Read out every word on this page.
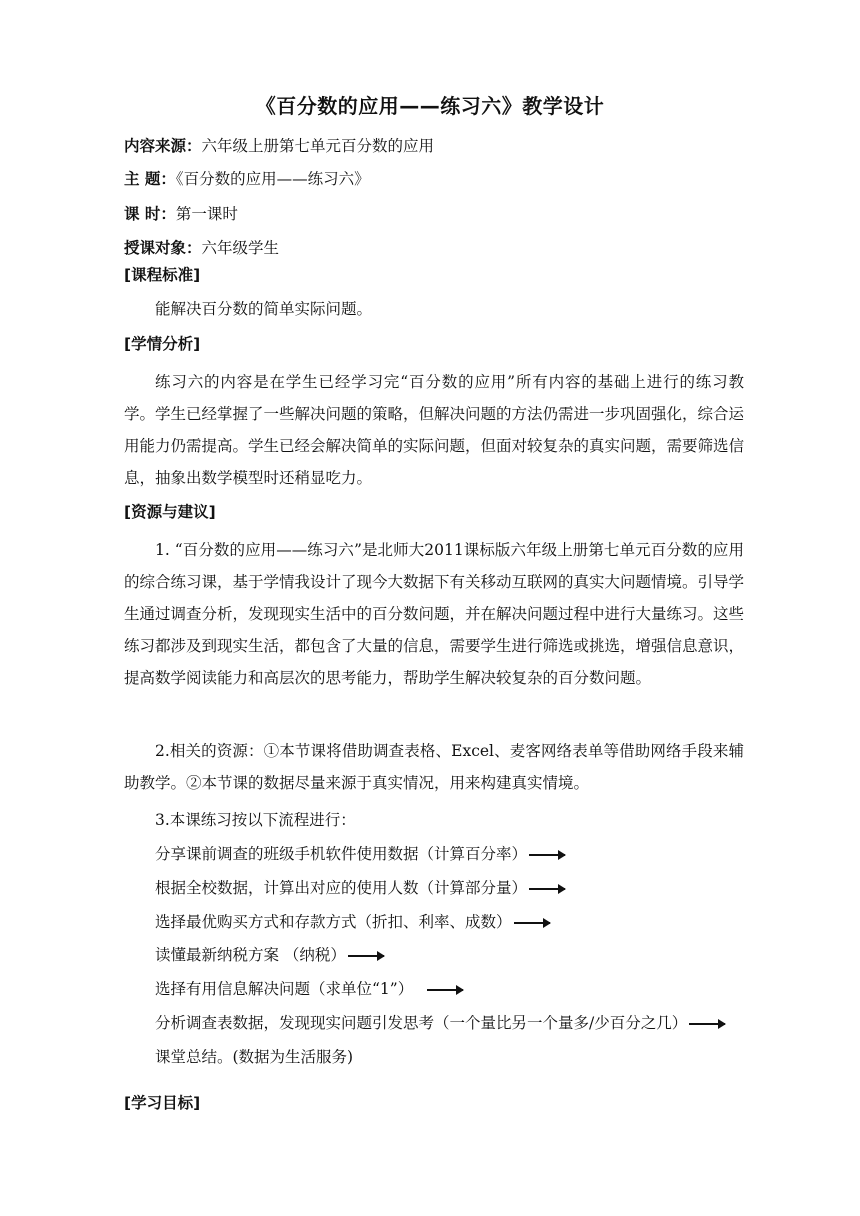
《百分数的应用——练习六》教学设计
内容来源：六年级上册第七单元百分数的应用
主 题：《百分数的应用——练习六》
课 时：第一课时
授课对象：六年级学生
[课程标准]
能解决百分数的简单实际问题。
[学情分析]
练习六的内容是在学生已经学习完“百分数的应用”所有内容的基础上进行的练习教学。学生已经掌握了一些解决问题的策略，但解决问题的方法仍需进一步巩固强化，综合运用能力仍需提高。学生已经会解决简单的实际问题，但面对较复杂的真实问题，需要筛选信息，抽象出数学模型时还稍显吃力。
[资源与建议]
1. “百分数的应用——练习六”是北师大2011课标版六年级上册第七单元百分数的应用的综合练习课，基于学情我设计了现今大数据下有关移动互联网的真实大问题情境。引导学生通过调查分析，发现现实生活中的百分数问题，并在解决问题过程中进行大量练习。这些练习都涉及到现实生活，都包含了大量的信息，需要学生进行筛选或挑选，增强信息意识，提高数学阅读能力和高层次的思考能力，帮助学生解决较复杂的百分数问题。
2.相关的资源：①本节课将借助调查表格、Excel、麦客网络表单等借助网络手段来辅助教学。②本节课的数据尽量来源于真实情况，用来构建真实情境。
3.本课练习按以下流程进行：
分享课前调查的班级手机软件使用数据（计算百分率）
根据全校数据，计算出对应的使用人数（计算部分量）
选择最优购买方式和存款方式（折扣、利率、成数）
读懂最新纳税方案 （纳税）
选择有用信息解决问题（求单位“1”）
分析调查表数据，发现现实问题引发思考（一个量比另一个量多/少百分之几）
课堂总结。(数据为生活服务)
[学习目标]
